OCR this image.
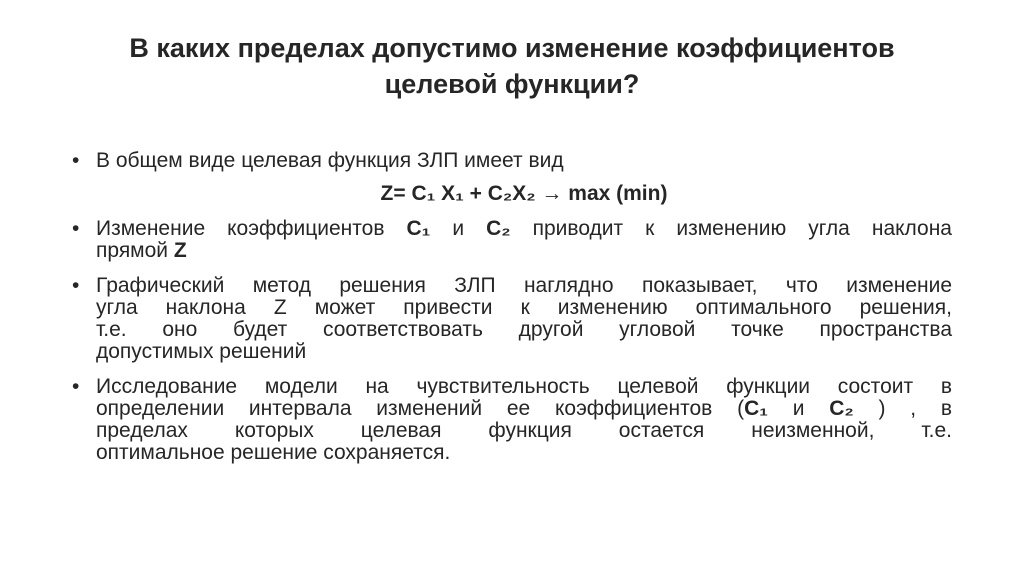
В каких пределах допустимо изменение коэффициентов
целевой функции?
• В общем виде целевая функция ЗЛП имеет вид
Z= C₁ X₁ + C₂X₂ → max (min)
• Изменение коэффициентов C₁ и C₂ приводит к изменению угла наклона
прямой Z
• Графический метод решения ЗЛП наглядно показывает, что изменение
угла наклона Z может привести к изменению оптимального решения,
т.е. оно будет соответствовать другой угловой точке пространства
допустимых решений
• Исследование модели на чувствительность целевой функции состоит в
определении интервала изменений ее коэффициентов (C₁ и C₂ ) , в
пределах которых целевая функция остается неизменной, т.е.
оптимальное решение сохраняется.
